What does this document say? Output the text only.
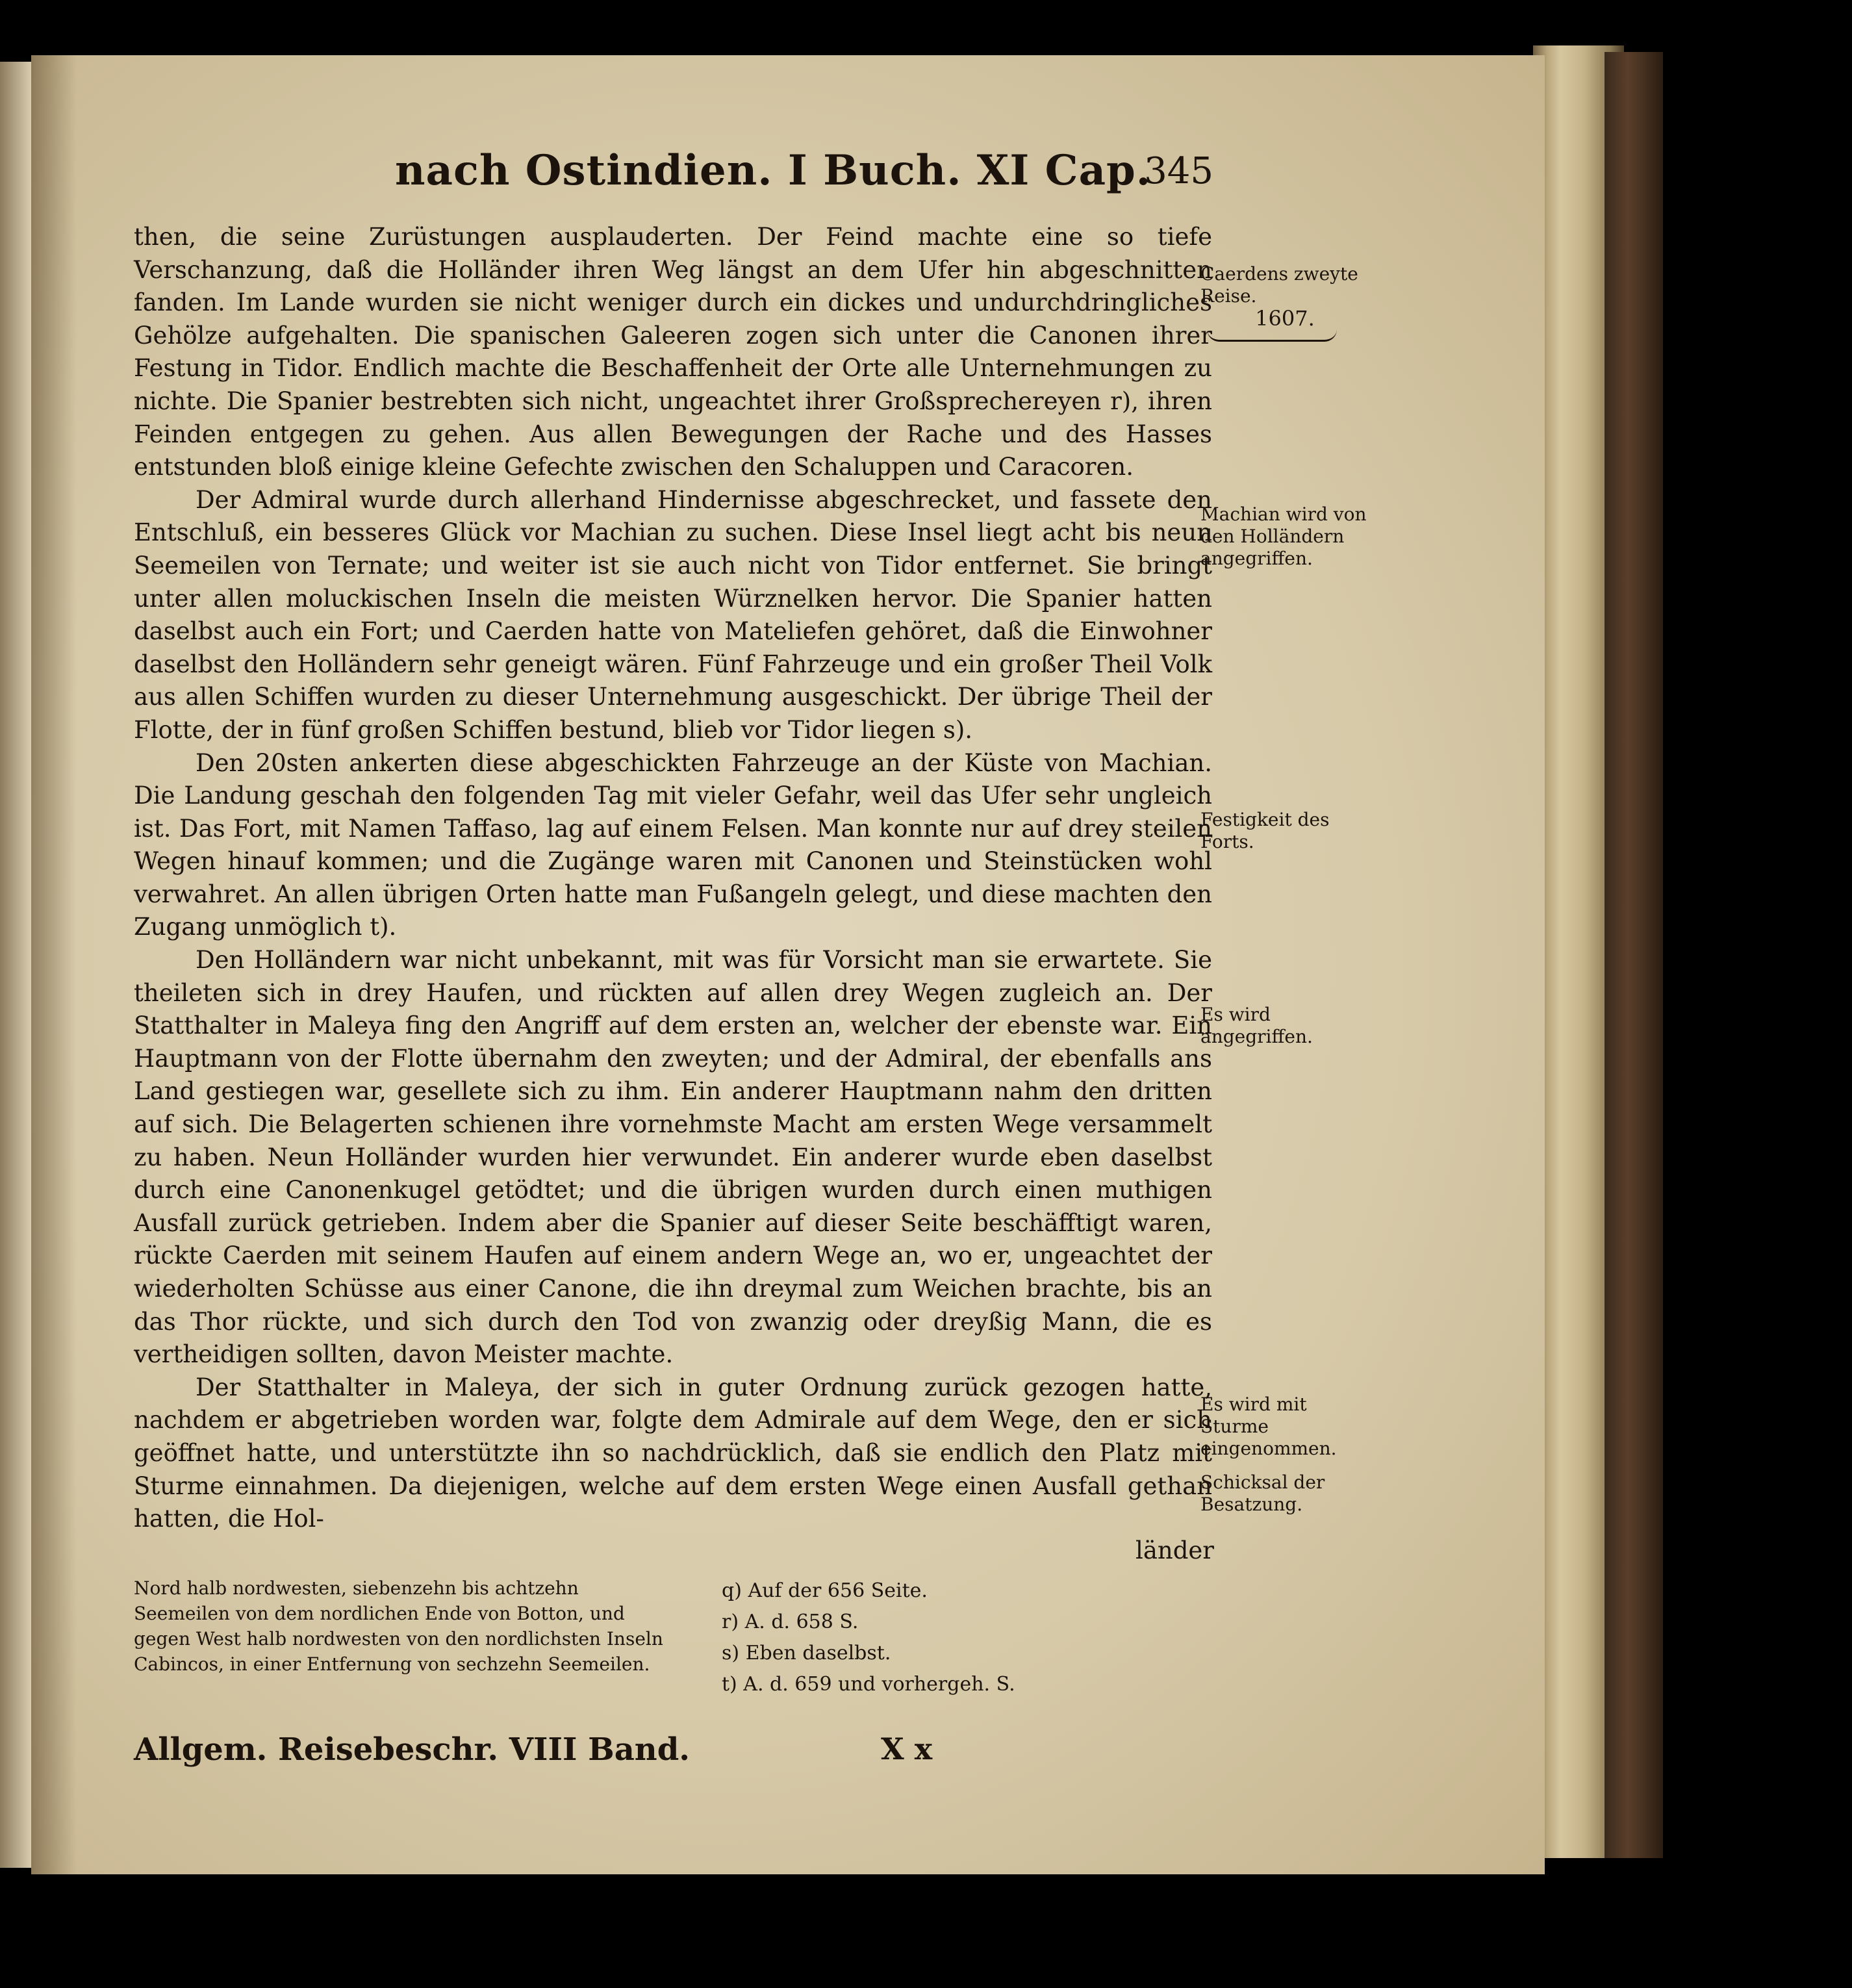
nach Ostindien. I Buch. XI Cap.
345

then, die seine Zurüstungen ausplauderten. Der Feind machte eine so tiefe Verschanzung, daß die Holländer ihren Weg längst an dem Ufer hin abgeschnitten fanden. Im Lande wurden sie nicht weniger durch ein dickes und undurchdringliches Gehölze aufgehalten. Die spanischen Galeeren zogen sich unter die Canonen ihrer Festung in Tidor. Endlich machte die Beschaffenheit der Orte alle Unternehmungen zu nichte. Die Spanier bestrebten sich nicht, ungeachtet ihrer Großsprechereyen r), ihren Feinden entgegen zu gehen. Aus allen Bewegungen der Rache und des Hasses entstunden bloß einige kleine Gefechte zwischen den Schaluppen und Caracoren.

Der Admiral wurde durch allerhand Hindernisse abgeschrecket, und fassete den Entschluß, ein besseres Glück vor Machian zu suchen. Diese Insel liegt acht bis neun Seemeilen von Ternate; und weiter ist sie auch nicht von Tidor entfernet. Sie bringt unter allen moluckischen Inseln die meisten Würznelken hervor. Die Spanier hatten daselbst auch ein Fort; und Caerden hatte von Mateliefen gehöret, daß die Einwohner daselbst den Holländern sehr geneigt wären. Fünf Fahrzeuge und ein großer Theil Volk aus allen Schiffen wurden zu dieser Unternehmung ausgeschickt. Der übrige Theil der Flotte, der in fünf großen Schiffen bestund, blieb vor Tidor liegen s).

Den 20sten ankerten diese abgeschickten Fahrzeuge an der Küste von Machian. Die Landung geschah den folgenden Tag mit vieler Gefahr, weil das Ufer sehr ungleich ist. Das Fort, mit Namen Taffaso, lag auf einem Felsen. Man konnte nur auf drey steilen Wegen hinauf kommen; und die Zugänge waren mit Canonen und Steinstücken wohl verwahret. An allen übrigen Orten hatte man Fußangeln gelegt, und diese machten den Zugang unmöglich t).

Den Holländern war nicht unbekannt, mit was für Vorsicht man sie erwartete. Sie theileten sich in drey Haufen, und rückten auf allen drey Wegen zugleich an. Der Statthalter in Maleya fing den Angriff auf dem ersten an, welcher der ebenste war. Ein Hauptmann von der Flotte übernahm den zweyten; und der Admiral, der ebenfalls ans Land gestiegen war, gesellete sich zu ihm. Ein anderer Hauptmann nahm den dritten auf sich. Die Belagerten schienen ihre vornehmste Macht am ersten Wege versammelt zu haben. Neun Holländer wurden hier verwundet. Ein anderer wurde eben daselbst durch eine Canonenkugel getödtet; und die übrigen wurden durch einen muthigen Ausfall zurück getrieben. Indem aber die Spanier auf dieser Seite beschäfftigt waren, rückte Caerden mit seinem Haufen auf einem andern Wege an, wo er, ungeachtet der wiederholten Schüsse aus einer Canone, die ihn dreymal zum Weichen brachte, bis an das Thor rückte, und sich durch den Tod von zwanzig oder dreyßig Mann, die es vertheidigen sollten, davon Meister machte.

Der Statthalter in Maleya, der sich in guter Ordnung zurück gezogen hatte, nachdem er abgetrieben worden war, folgte dem Admirale auf dem Wege, den er sich geöffnet hatte, und unterstützte ihn so nachdrücklich, daß sie endlich den Platz mit Sturme einnahmen. Da diejenigen, welche auf dem ersten Wege einen Ausfall gethan hatten, die Hol-

Caerdens zweyte Reise.
1607.
Machian wird von den Holländern angegriffen.
Festigkeit des Forts.
Es wird angegriffen.
Es wird mit Sturme eingenommen.
Schicksal der Besatzung.
länder
Nord halb nordwesten, siebenzehn bis achtzehn Seemeilen von dem nordlichen Ende von Botton, und gegen West halb nordwesten von den nordlichsten Inseln Cabincos, in einer Entfernung von sechzehn Seemeilen.
q) Auf der 656 Seite.
r) A. d. 658 S.
s) Eben daselbst.
t) A. d. 659 und vorhergeh. S.
Allgem. Reisebeschr. VIII Band.	X x
